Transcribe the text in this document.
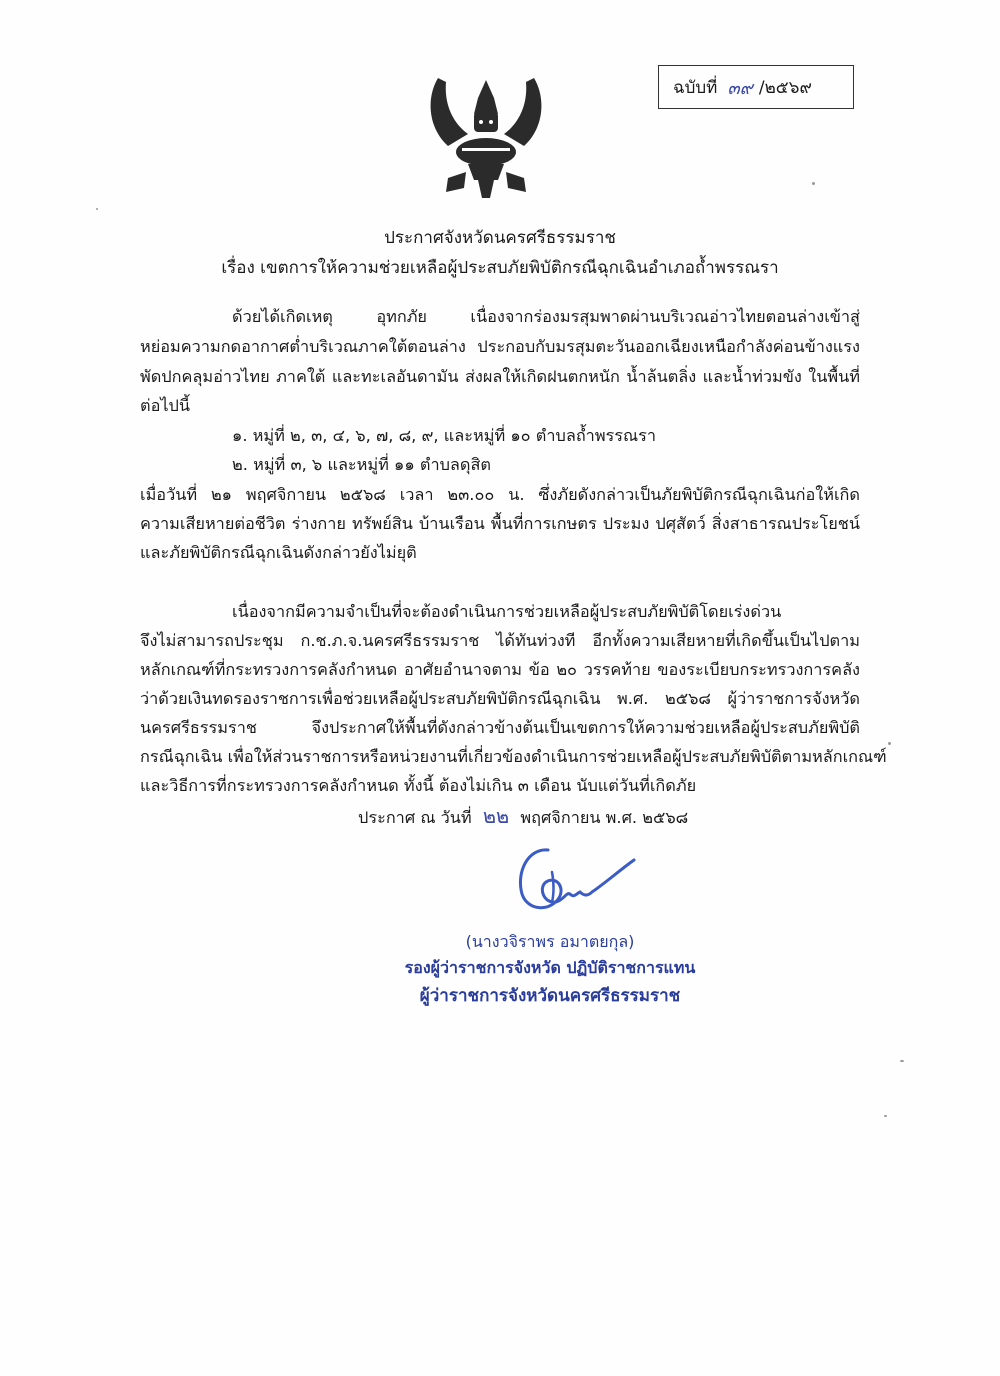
ฉบับที่ ๓๙ /๒๕๖๙
ประกาศจังหวัดนครศรีธรรมราช
เรื่อง เขตการให้ความช่วยเหลือผู้ประสบภัยพิบัติกรณีฉุกเฉินอำเภอถ้ำพรรณรา
ด้วยได้เกิดเหตุ อุทกภัย เนื่องจากร่องมรสุมพาดผ่านบริเวณอ่าวไทยตอนล่างเข้าสู่
หย่อมความกดอากาศต่ำบริเวณภาคใต้ตอนล่าง ประกอบกับมรสุมตะวันออกเฉียงเหนือกำลังค่อนข้างแรง
พัดปกคลุมอ่าวไทย ภาคใต้ และทะเลอันดามัน ส่งผลให้เกิดฝนตกหนัก น้ำล้นตลิ่ง และน้ำท่วมขัง ในพื้นที่
ต่อไปนี้
๑. หมู่ที่ ๒, ๓, ๔, ๖, ๗, ๘, ๙, และหมู่ที่ ๑๐ ตำบลถ้ำพรรณรา
๒. หมู่ที่ ๓, ๖ และหมู่ที่ ๑๑ ตำบลดุสิต
เมื่อวันที่ ๒๑ พฤศจิกายน ๒๕๖๘ เวลา ๒๓.๐๐ น. ซึ่งภัยดังกล่าวเป็นภัยพิบัติกรณีฉุกเฉินก่อให้เกิด
ความเสียหายต่อชีวิต ร่างกาย ทรัพย์สิน บ้านเรือน พื้นที่การเกษตร ประมง ปศุสัตว์ สิ่งสาธารณประโยชน์
และภัยพิบัติกรณีฉุกเฉินดังกล่าวยังไม่ยุติ
เนื่องจากมีความจำเป็นที่จะต้องดำเนินการช่วยเหลือผู้ประสบภัยพิบัติโดยเร่งด่วน
จึงไม่สามารถประชุม ก.ช.ภ.จ.นครศรีธรรมราช ได้ทันท่วงที อีกทั้งความเสียหายที่เกิดขึ้นเป็นไปตาม
หลักเกณฑ์ที่กระทรวงการคลังกำหนด อาศัยอำนาจตาม ข้อ ๒๐ วรรคท้าย ของระเบียบกระทรวงการคลัง
ว่าด้วยเงินทดรองราชการเพื่อช่วยเหลือผู้ประสบภัยพิบัติกรณีฉุกเฉิน พ.ศ. ๒๕๖๘ ผู้ว่าราชการจังหวัด
นครศรีธรรมราช จึงประกาศให้พื้นที่ดังกล่าวข้างต้นเป็นเขตการให้ความช่วยเหลือผู้ประสบภัยพิบัติ
กรณีฉุกเฉิน เพื่อให้ส่วนราชการหรือหน่วยงานที่เกี่ยวข้องดำเนินการช่วยเหลือผู้ประสบภัยพิบัติตามหลักเกณฑ์
และวิธีการที่กระทรวงการคลังกำหนด ทั้งนี้ ต้องไม่เกิน ๓ เดือน นับแต่วันที่เกิดภัย
ประกาศ ณ วันที่ ๒๒ พฤศจิกายน พ.ศ. ๒๕๖๘
(นางวจิราพร อมาตยกุล)
รองผู้ว่าราชการจังหวัด ปฏิบัติราชการแทน
ผู้ว่าราชการจังหวัดนครศรีธรรมราช
